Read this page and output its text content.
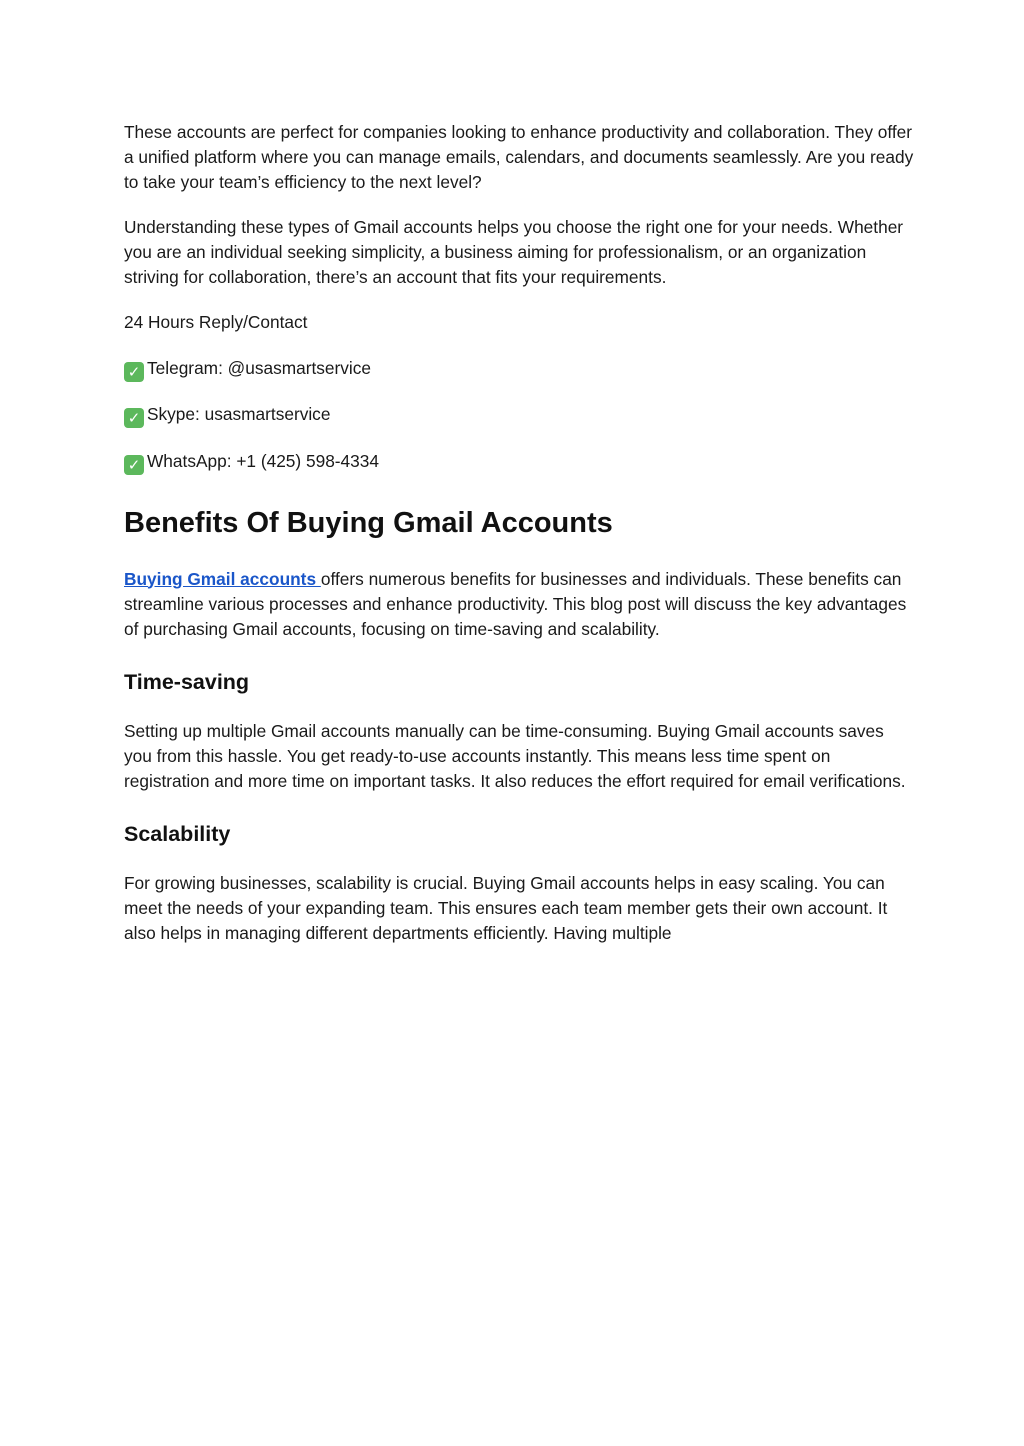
These accounts are perfect for companies looking to enhance productivity and collaboration. They offer a unified platform where you can manage emails, calendars, and documents seamlessly. Are you ready to take your team’s efficiency to the next level?

Understanding these types of Gmail accounts helps you choose the right one for your needs. Whether you are an individual seeking simplicity, a business aiming for professionalism, or an organization striving for collaboration, there’s an account that fits your requirements.

24 Hours Reply/Contact

✓ Telegram: @usasmartservice

✓ Skype: usasmartservice

✓ WhatsApp: +1 (425) 598-4334

Benefits Of Buying Gmail Accounts

Buying Gmail accounts offers numerous benefits for businesses and individuals. These benefits can streamline various processes and enhance productivity. This blog post will discuss the key advantages of purchasing Gmail accounts, focusing on time-saving and scalability.

Time-saving

Setting up multiple Gmail accounts manually can be time-consuming. Buying Gmail accounts saves you from this hassle. You get ready-to-use accounts instantly. This means less time spent on registration and more time on important tasks. It also reduces the effort required for email verifications.

Scalability

For growing businesses, scalability is crucial. Buying Gmail accounts helps in easy scaling. You can meet the needs of your expanding team. This ensures each team member gets their own account. It also helps in managing different departments efficiently. Having multiple
